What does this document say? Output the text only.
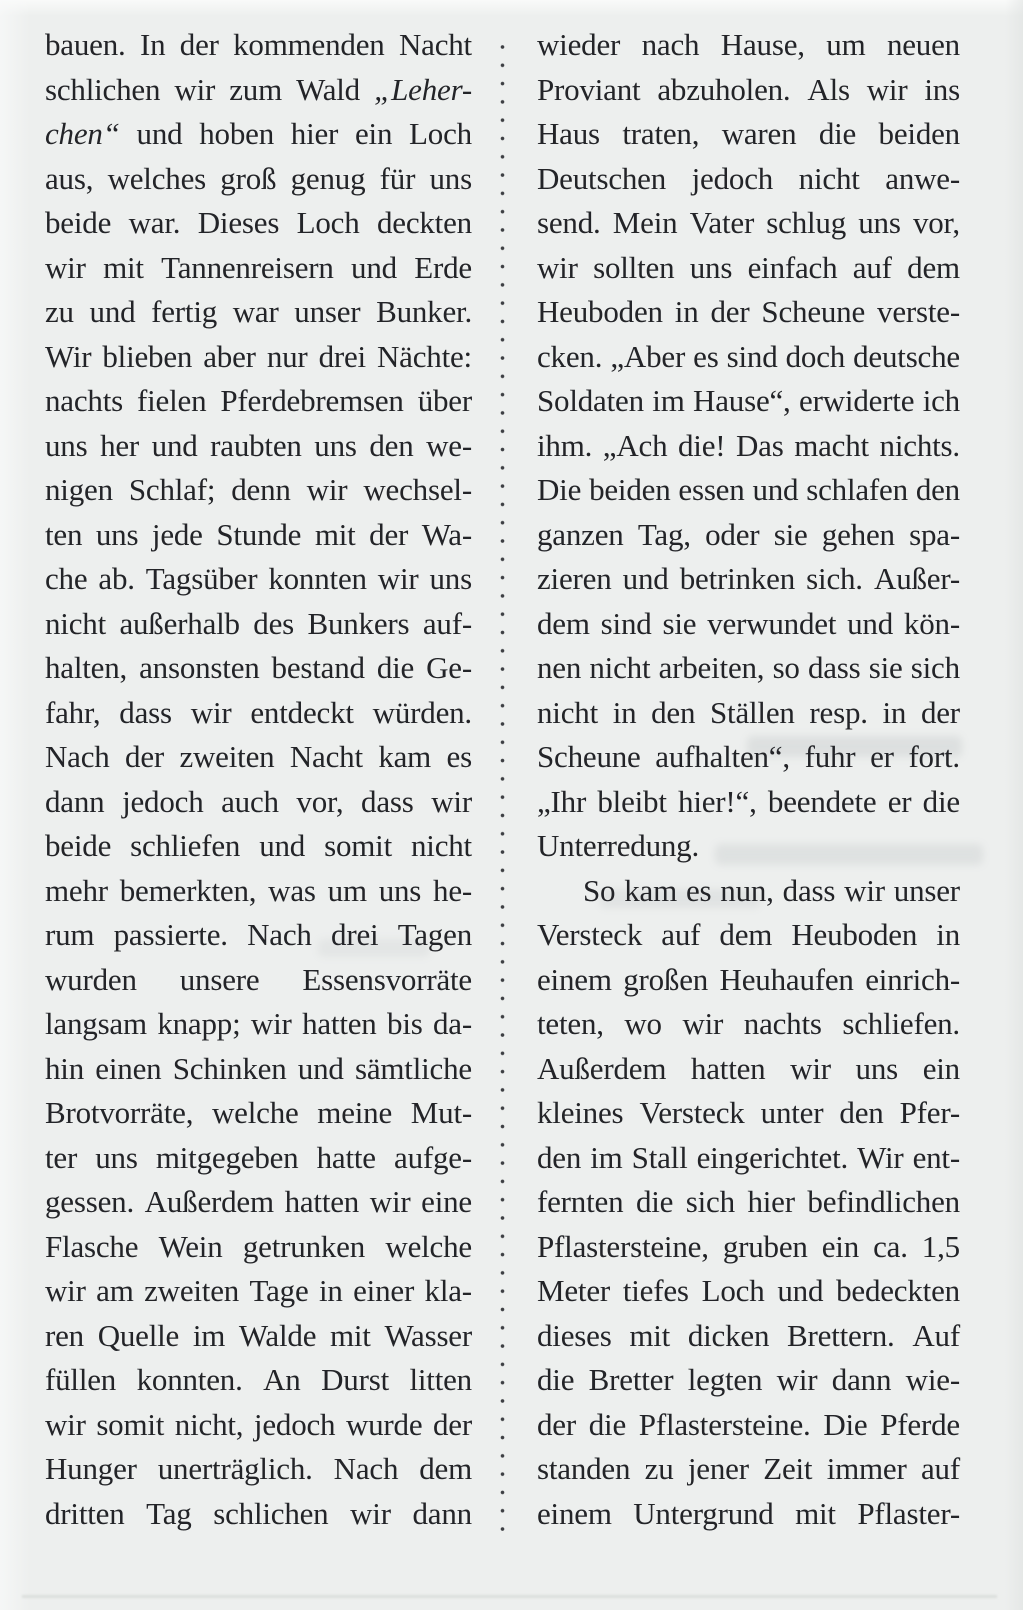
bauen. In der kommenden Nacht
schlichen wir zum Wald „Leher-
chen“ und hoben hier ein Loch
aus, welches groß genug für uns
beide war. Dieses Loch deckten
wir mit Tannenreisern und Erde
zu und fertig war unser Bunker.
Wir blieben aber nur drei Nächte:
nachts fielen Pferdebremsen über
uns her und raubten uns den we-
nigen Schlaf; denn wir wechsel-
ten uns jede Stunde mit der Wa-
che ab. Tagsüber konnten wir uns
nicht außerhalb des Bunkers auf-
halten, ansonsten bestand die Ge-
fahr, dass wir entdeckt würden.
Nach der zweiten Nacht kam es
dann jedoch auch vor, dass wir
beide schliefen und somit nicht
mehr bemerkten, was um uns he-
rum passierte. Nach drei Tagen
wurden unsere Essensvorräte
langsam knapp; wir hatten bis da-
hin einen Schinken und sämtliche
Brotvorräte, welche meine Mut-
ter uns mitgegeben hatte aufge-
gessen. Außerdem hatten wir eine
Flasche Wein getrunken welche
wir am zweiten Tage in einer kla-
ren Quelle im Walde mit Wasser
füllen konnten. An Durst litten
wir somit nicht, jedoch wurde der
Hunger unerträglich. Nach dem
dritten Tag schlichen wir dann
wieder nach Hause, um neuen
Proviant abzuholen. Als wir ins
Haus traten, waren die beiden
Deutschen jedoch nicht anwe-
send. Mein Vater schlug uns vor,
wir sollten uns einfach auf dem
Heuboden in der Scheune verste-
cken. „Aber es sind doch deutsche
Soldaten im Hause“, erwiderte ich
ihm. „Ach die! Das macht nichts.
Die beiden essen und schlafen den
ganzen Tag, oder sie gehen spa-
zieren und betrinken sich. Außer-
dem sind sie verwundet und kön-
nen nicht arbeiten, so dass sie sich
nicht in den Ställen resp. in der
Scheune aufhalten“, fuhr er fort.
„Ihr bleibt hier!“, beendete er die
Unterredung.
So kam es nun, dass wir unser
Versteck auf dem Heuboden in
einem großen Heuhaufen einrich-
teten, wo wir nachts schliefen.
Außerdem hatten wir uns ein
kleines Versteck unter den Pfer-
den im Stall eingerichtet. Wir ent-
fernten die sich hier befindlichen
Pflastersteine, gruben ein ca. 1,5
Meter tiefes Loch und bedeckten
dieses mit dicken Brettern. Auf
die Bretter legten wir dann wie-
der die Pflastersteine. Die Pferde
standen zu jener Zeit immer auf
einem Untergrund mit Pflaster-
